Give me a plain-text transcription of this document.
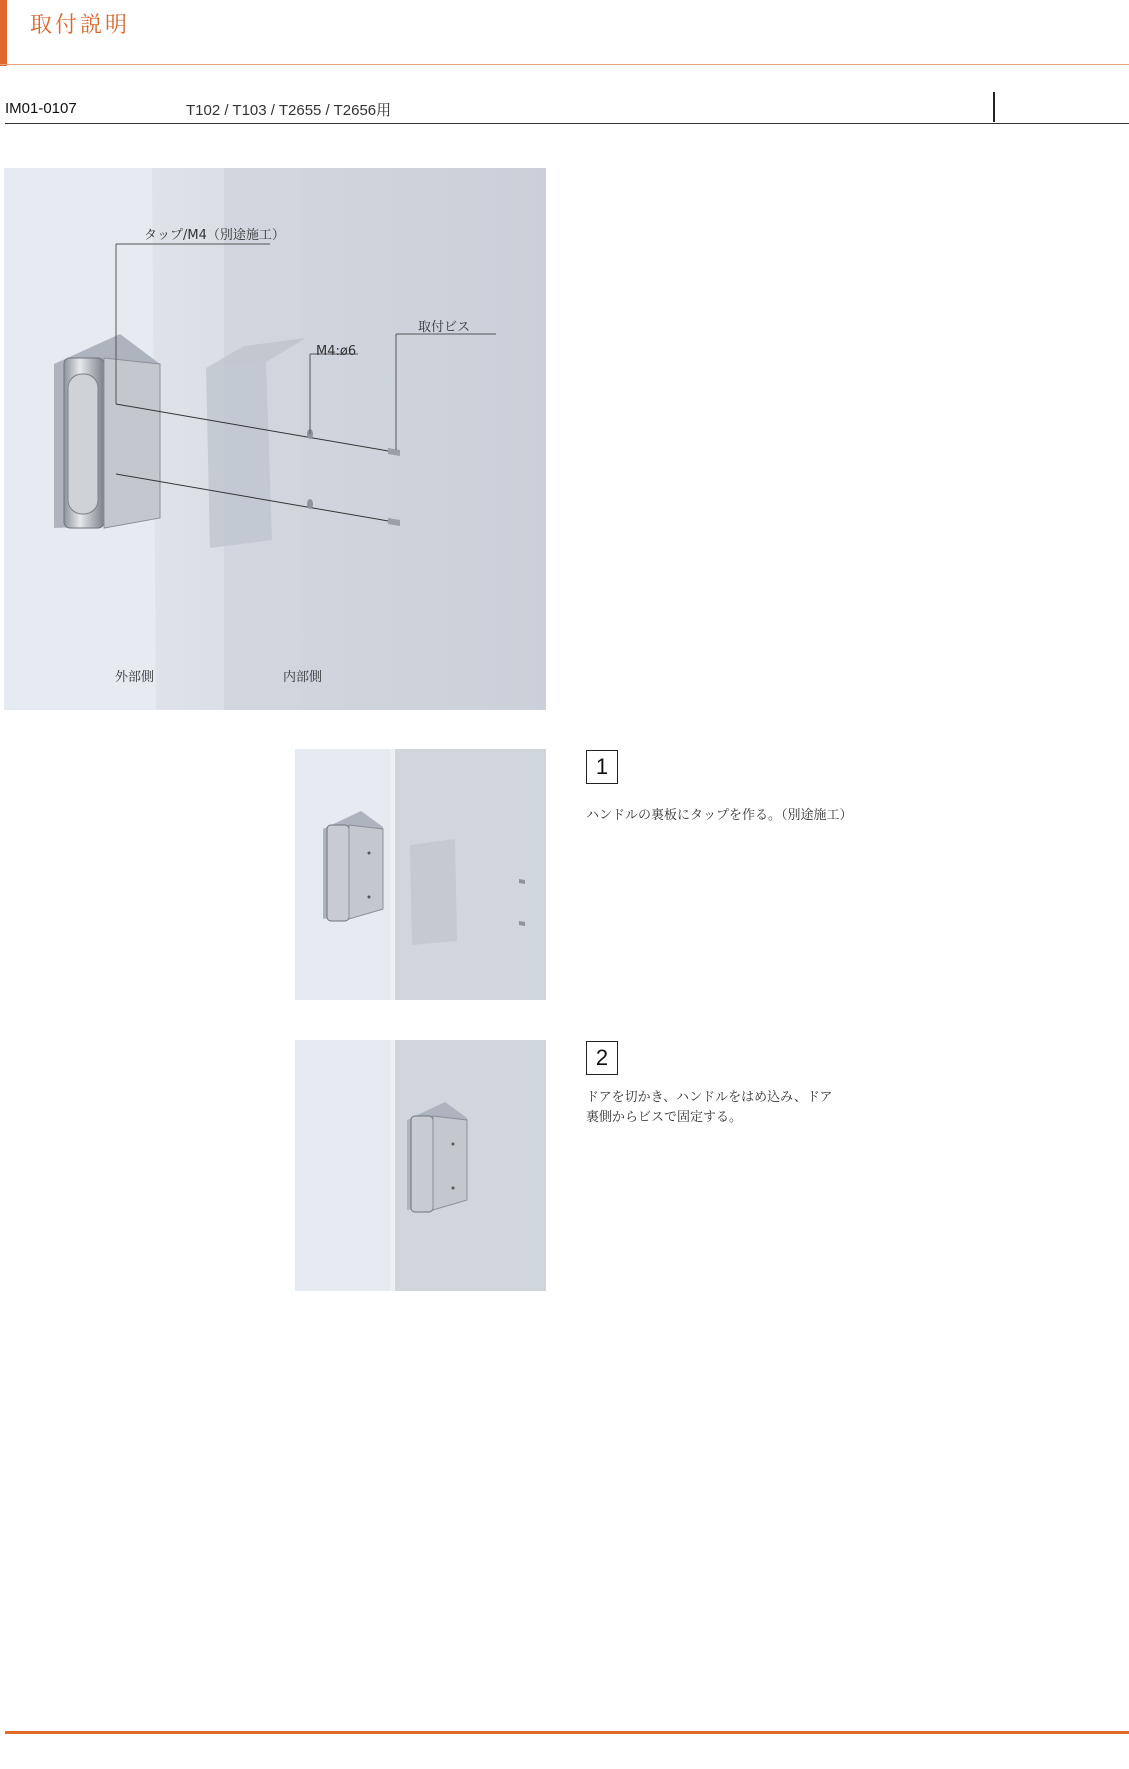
取付説明
IM01-0107	T102 / T103 / T2655 / T2656用
タップ/M4（別途施工）
取付ビス
M4:ø6
外部側	内部側
1
ハンドルの裏板にタップを作る。（別途施工）
2
ドアを切かき、ハンドルをはめ込み、ドア
裏側からビスで固定する。
